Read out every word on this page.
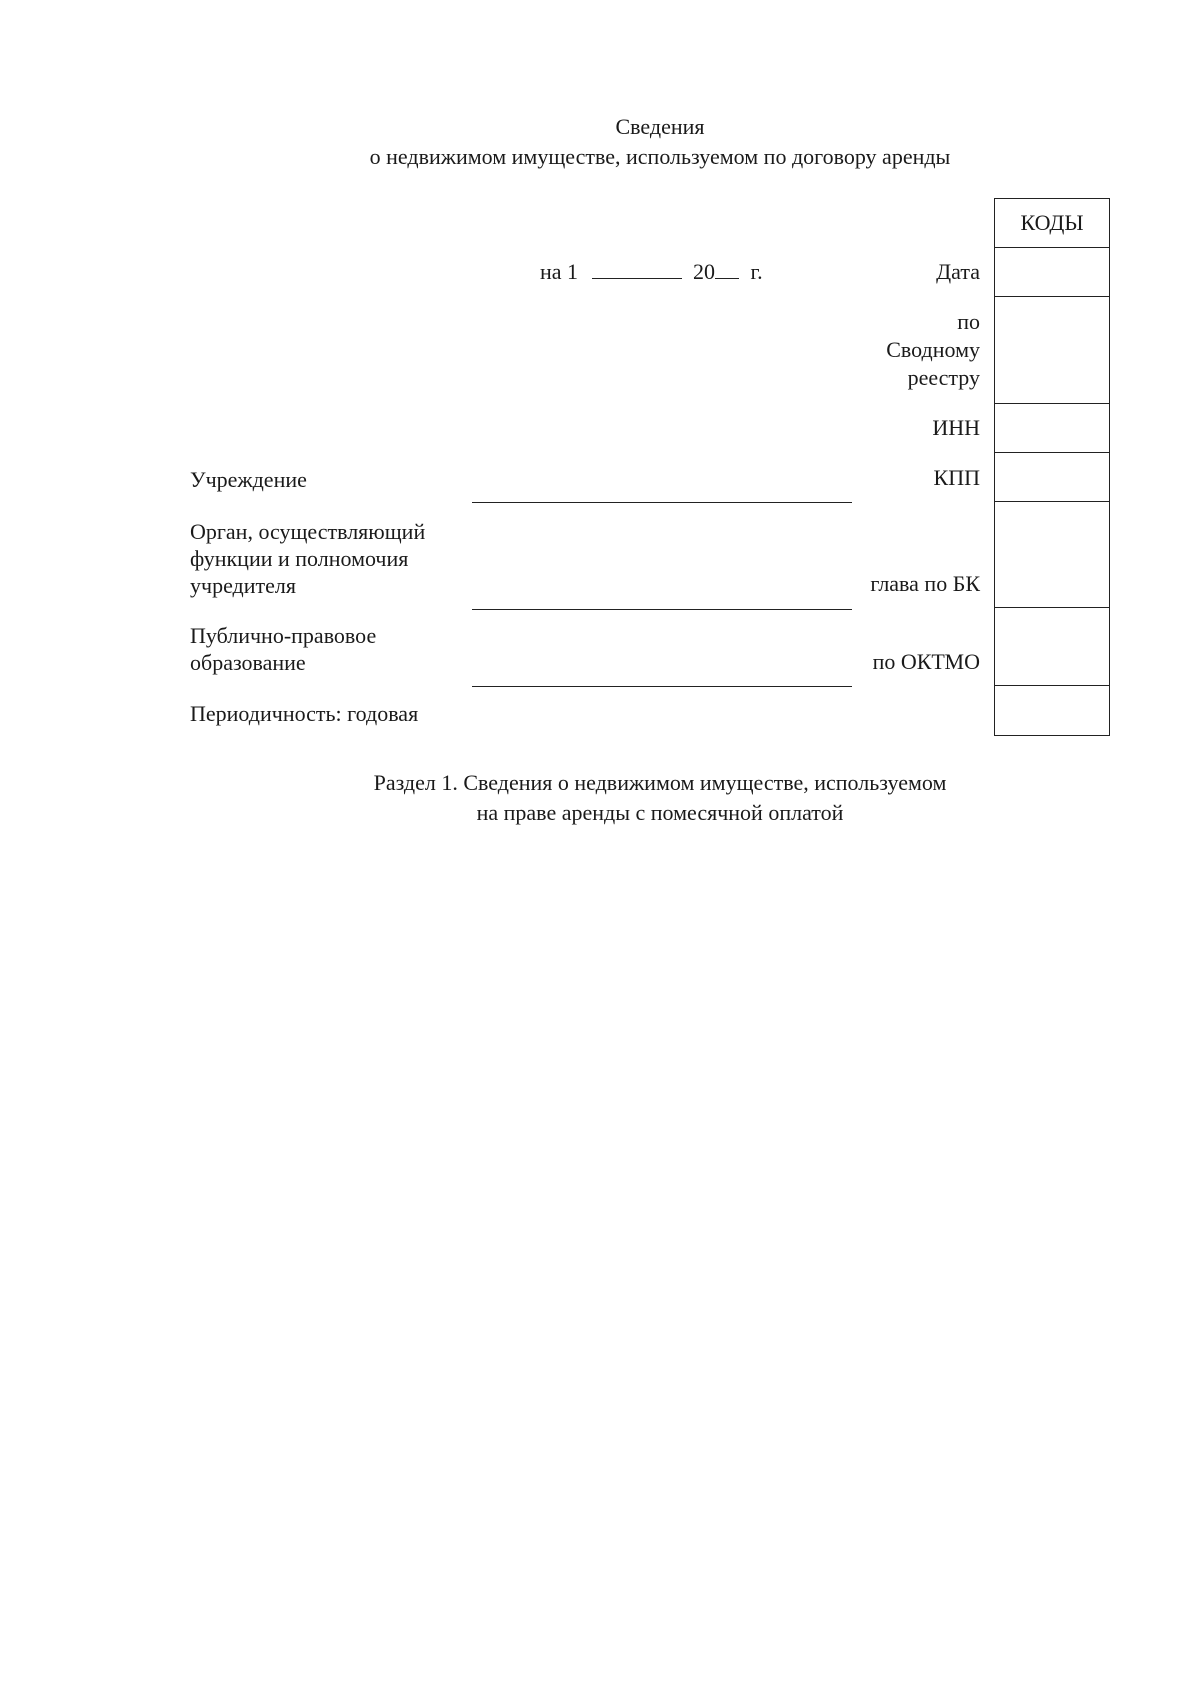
Сведения
о недвижимом имуществе, используемом по договору аренды
на 1	20 г.	Дата
по
Сводному
реестру
ИНН
КПП
глава по БК
по ОКТМО
КОДЫ
Учреждение
Орган, осуществляющий
функции и полномочия
учредителя
Публично-правовое
образование
Периодичность: годовая
Раздел 1. Сведения о недвижимом имуществе, используемом
на праве аренды с помесячной оплатой
